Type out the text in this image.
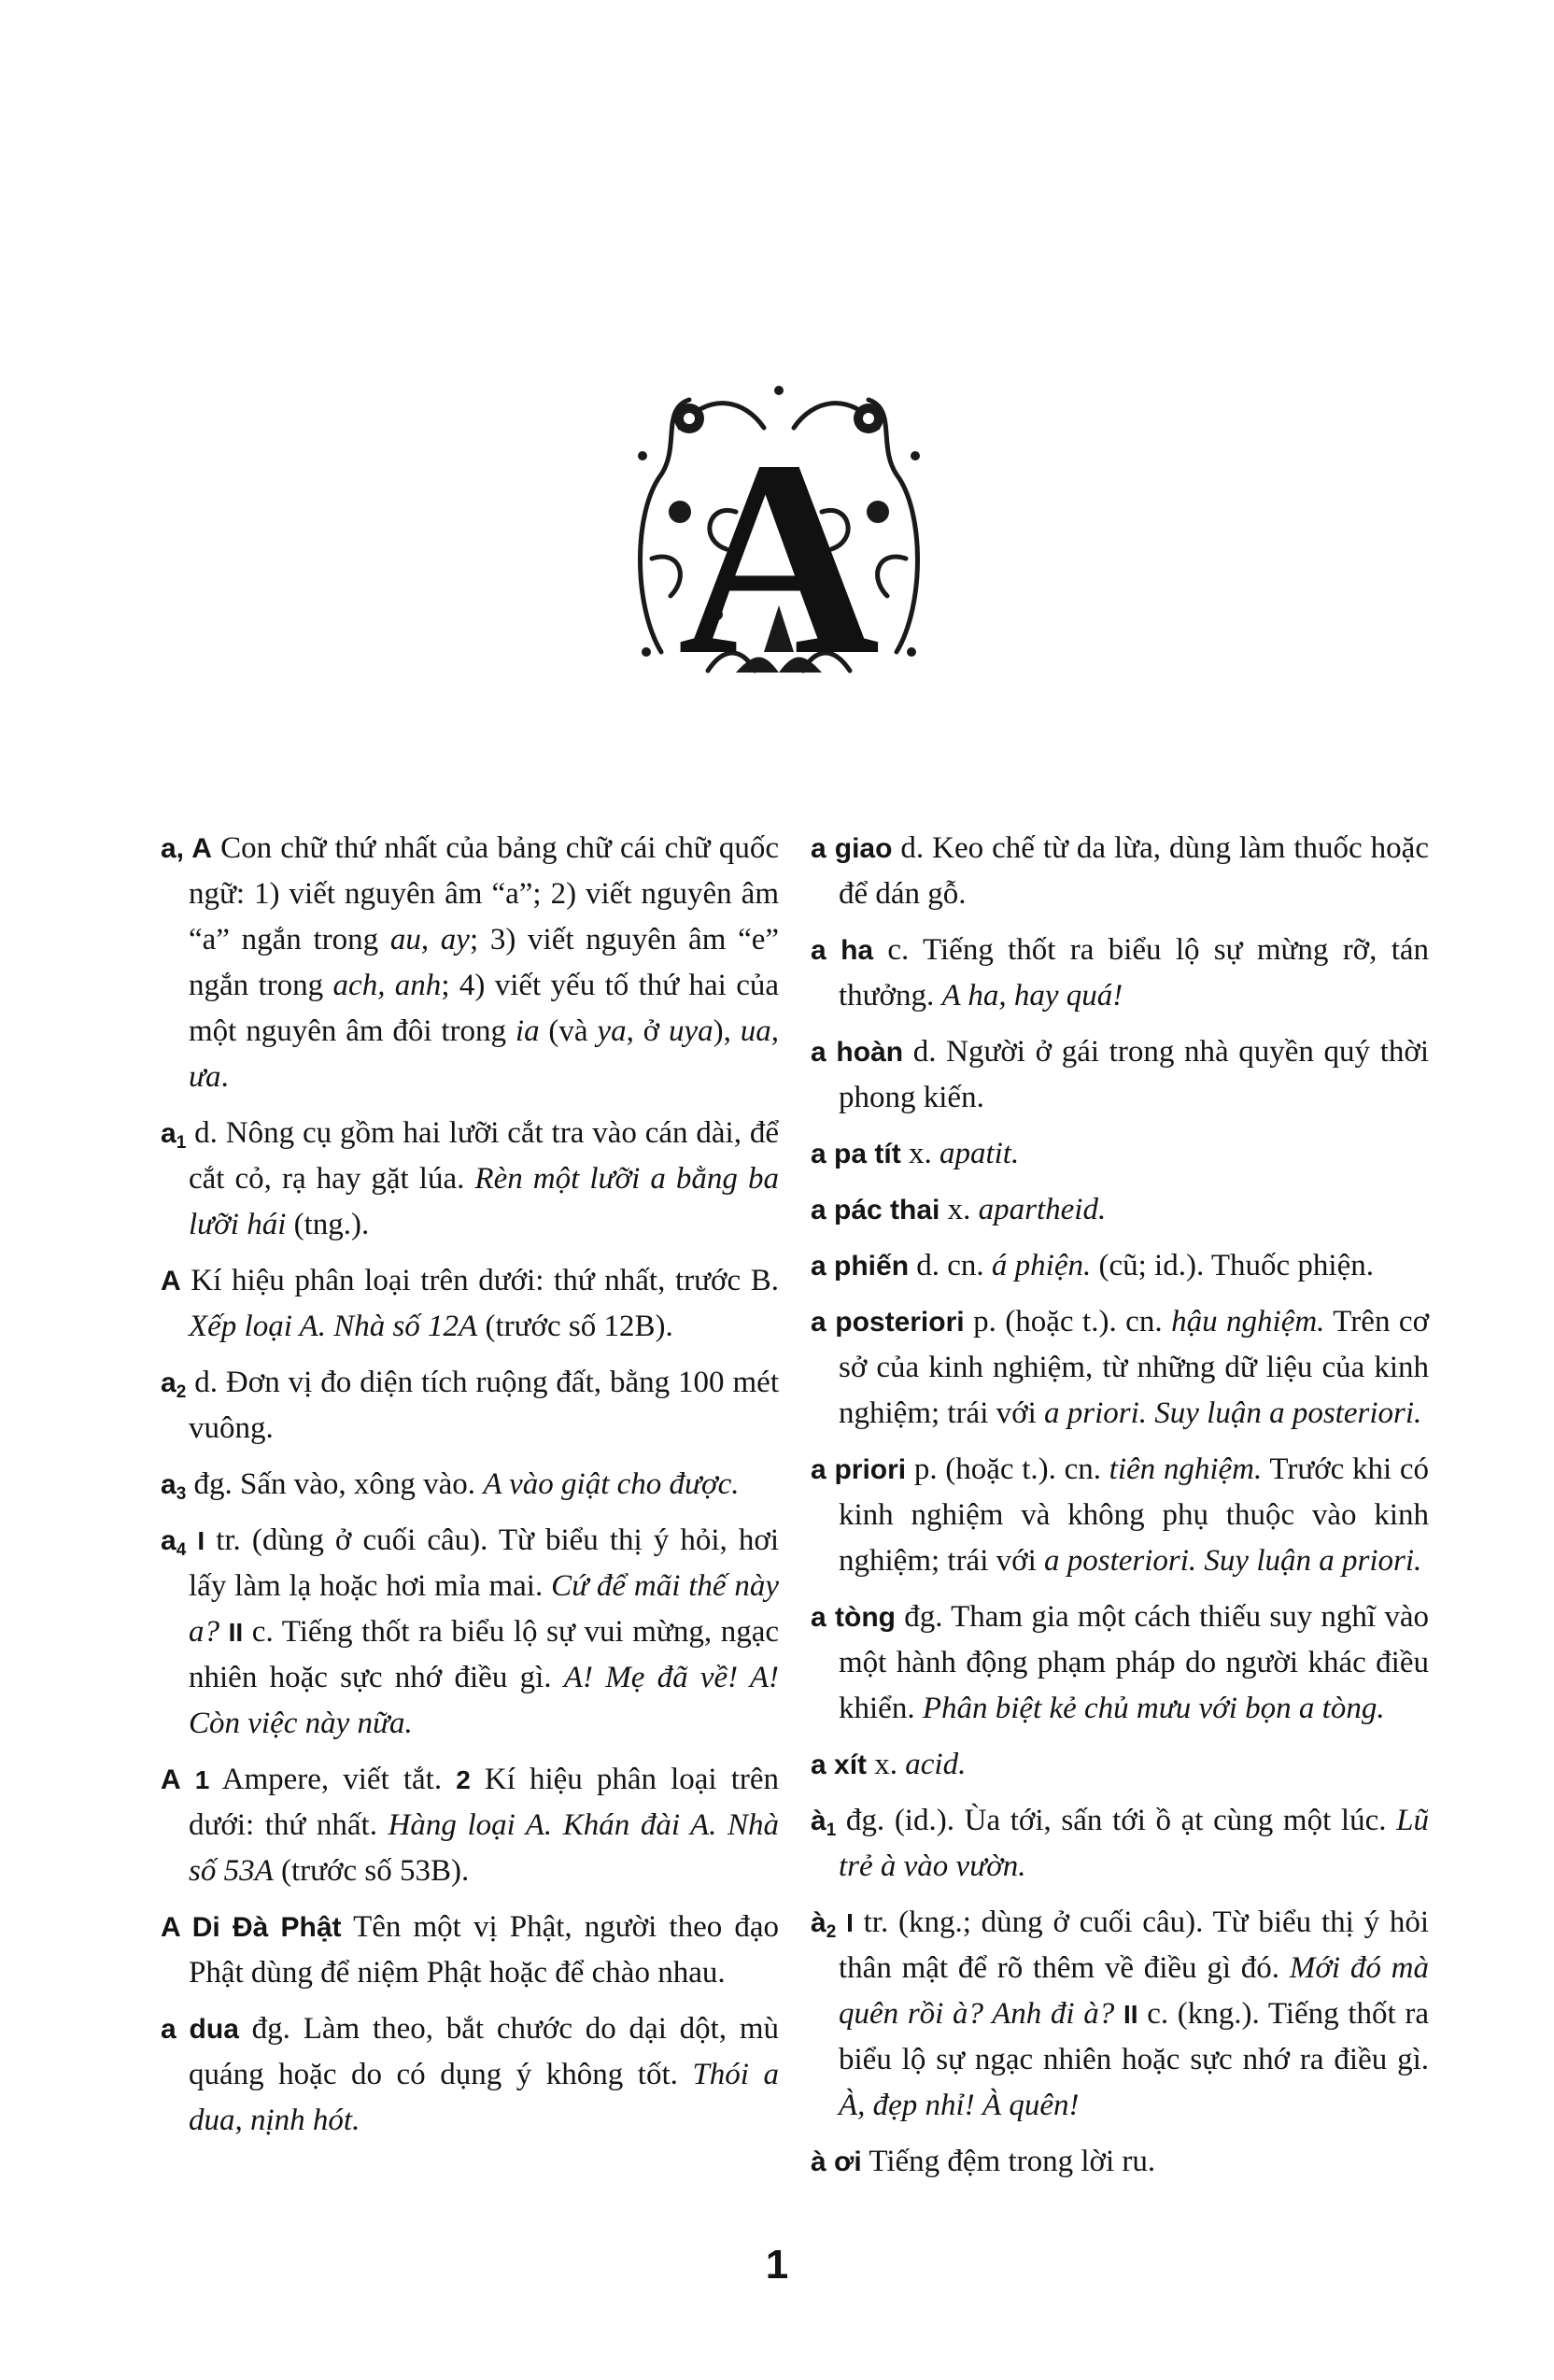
A

a, A Con chữ thứ nhất của bảng chữ cái chữ quốc ngữ: 1) viết nguyên âm “a”; 2) viết nguyên âm “a” ngắn trong au, ay; 3) viết nguyên âm “e” ngắn trong ach, anh; 4) viết yếu tố thứ hai của một nguyên âm đôi trong ia (và ya, ở uya), ua, ưa.

$a_1$ d. Nông cụ gồm hai lưỡi cắt tra vào cán dài, để cắt cỏ, rạ hay gặt lúa. Rèn một lưỡi a bằng ba lưỡi hái (tng.).

A Kí hiệu phân loại trên dưới: thứ nhất, trước B. Xếp loại A. Nhà số 12A (trước số 12B).

$a_2$ d. Đơn vị đo diện tích ruộng đất, bằng 100 mét vuông.

$a_3$ đg. Sấn vào, xông vào. A vào giật cho được.

$a_4$ I tr. (dùng ở cuối câu). Từ biểu thị ý hỏi, hơi lấy làm lạ hoặc hơi mỉa mai. Cứ để mãi thế này a? II c. Tiếng thốt ra biểu lộ sự vui mừng, ngạc nhiên hoặc sực nhớ điều gì. A! Mẹ đã về! A! Còn việc này nữa.

A 1 Ampere, viết tắt. 2 Kí hiệu phân loại trên dưới: thứ nhất. Hàng loại A. Khán đài A. Nhà số 53A (trước số 53B).

A Di Đà Phật Tên một vị Phật, người theo đạo Phật dùng để niệm Phật hoặc để chào nhau.

a dua đg. Làm theo, bắt chước do dại dột, mù quáng hoặc do có dụng ý không tốt. Thói a dua, nịnh hót.

a giao d. Keo chế từ da lừa, dùng làm thuốc hoặc để dán gỗ.

a ha c. Tiếng thốt ra biểu lộ sự mừng rỡ, tán thưởng. A ha, hay quá!

a hoàn d. Người ở gái trong nhà quyền quý thời phong kiến.

a pa tít x. apatit.

a pác thai x. apartheid.

a phiến d. cn. á phiện. (cũ; id.). Thuốc phiện.

a posteriori p. (hoặc t.). cn. hậu nghiệm. Trên cơ sở của kinh nghiệm, từ những dữ liệu của kinh nghiệm; trái với a priori. Suy luận a posteriori.

a priori p. (hoặc t.). cn. tiên nghiệm. Trước khi có kinh nghiệm và không phụ thuộc vào kinh nghiệm; trái với a posteriori. Suy luận a priori.

a tòng đg. Tham gia một cách thiếu suy nghĩ vào một hành động phạm pháp do người khác điều khiển. Phân biệt kẻ chủ mưu với bọn a tòng.

a xít x. acid.

$à_1$ đg. (id.). Ùa tới, sấn tới ồ ạt cùng một lúc. Lũ trẻ à vào vườn.

$à_2$ I tr. (kng.; dùng ở cuối câu). Từ biểu thị ý hỏi thân mật để rõ thêm về điều gì đó. Mới đó mà quên rồi à? Anh đi à? II c. (kng.). Tiếng thốt ra biểu lộ sự ngạc nhiên hoặc sực nhớ ra điều gì. À, đẹp nhỉ! À quên!

à ơi Tiếng đệm trong lời ru.

1
